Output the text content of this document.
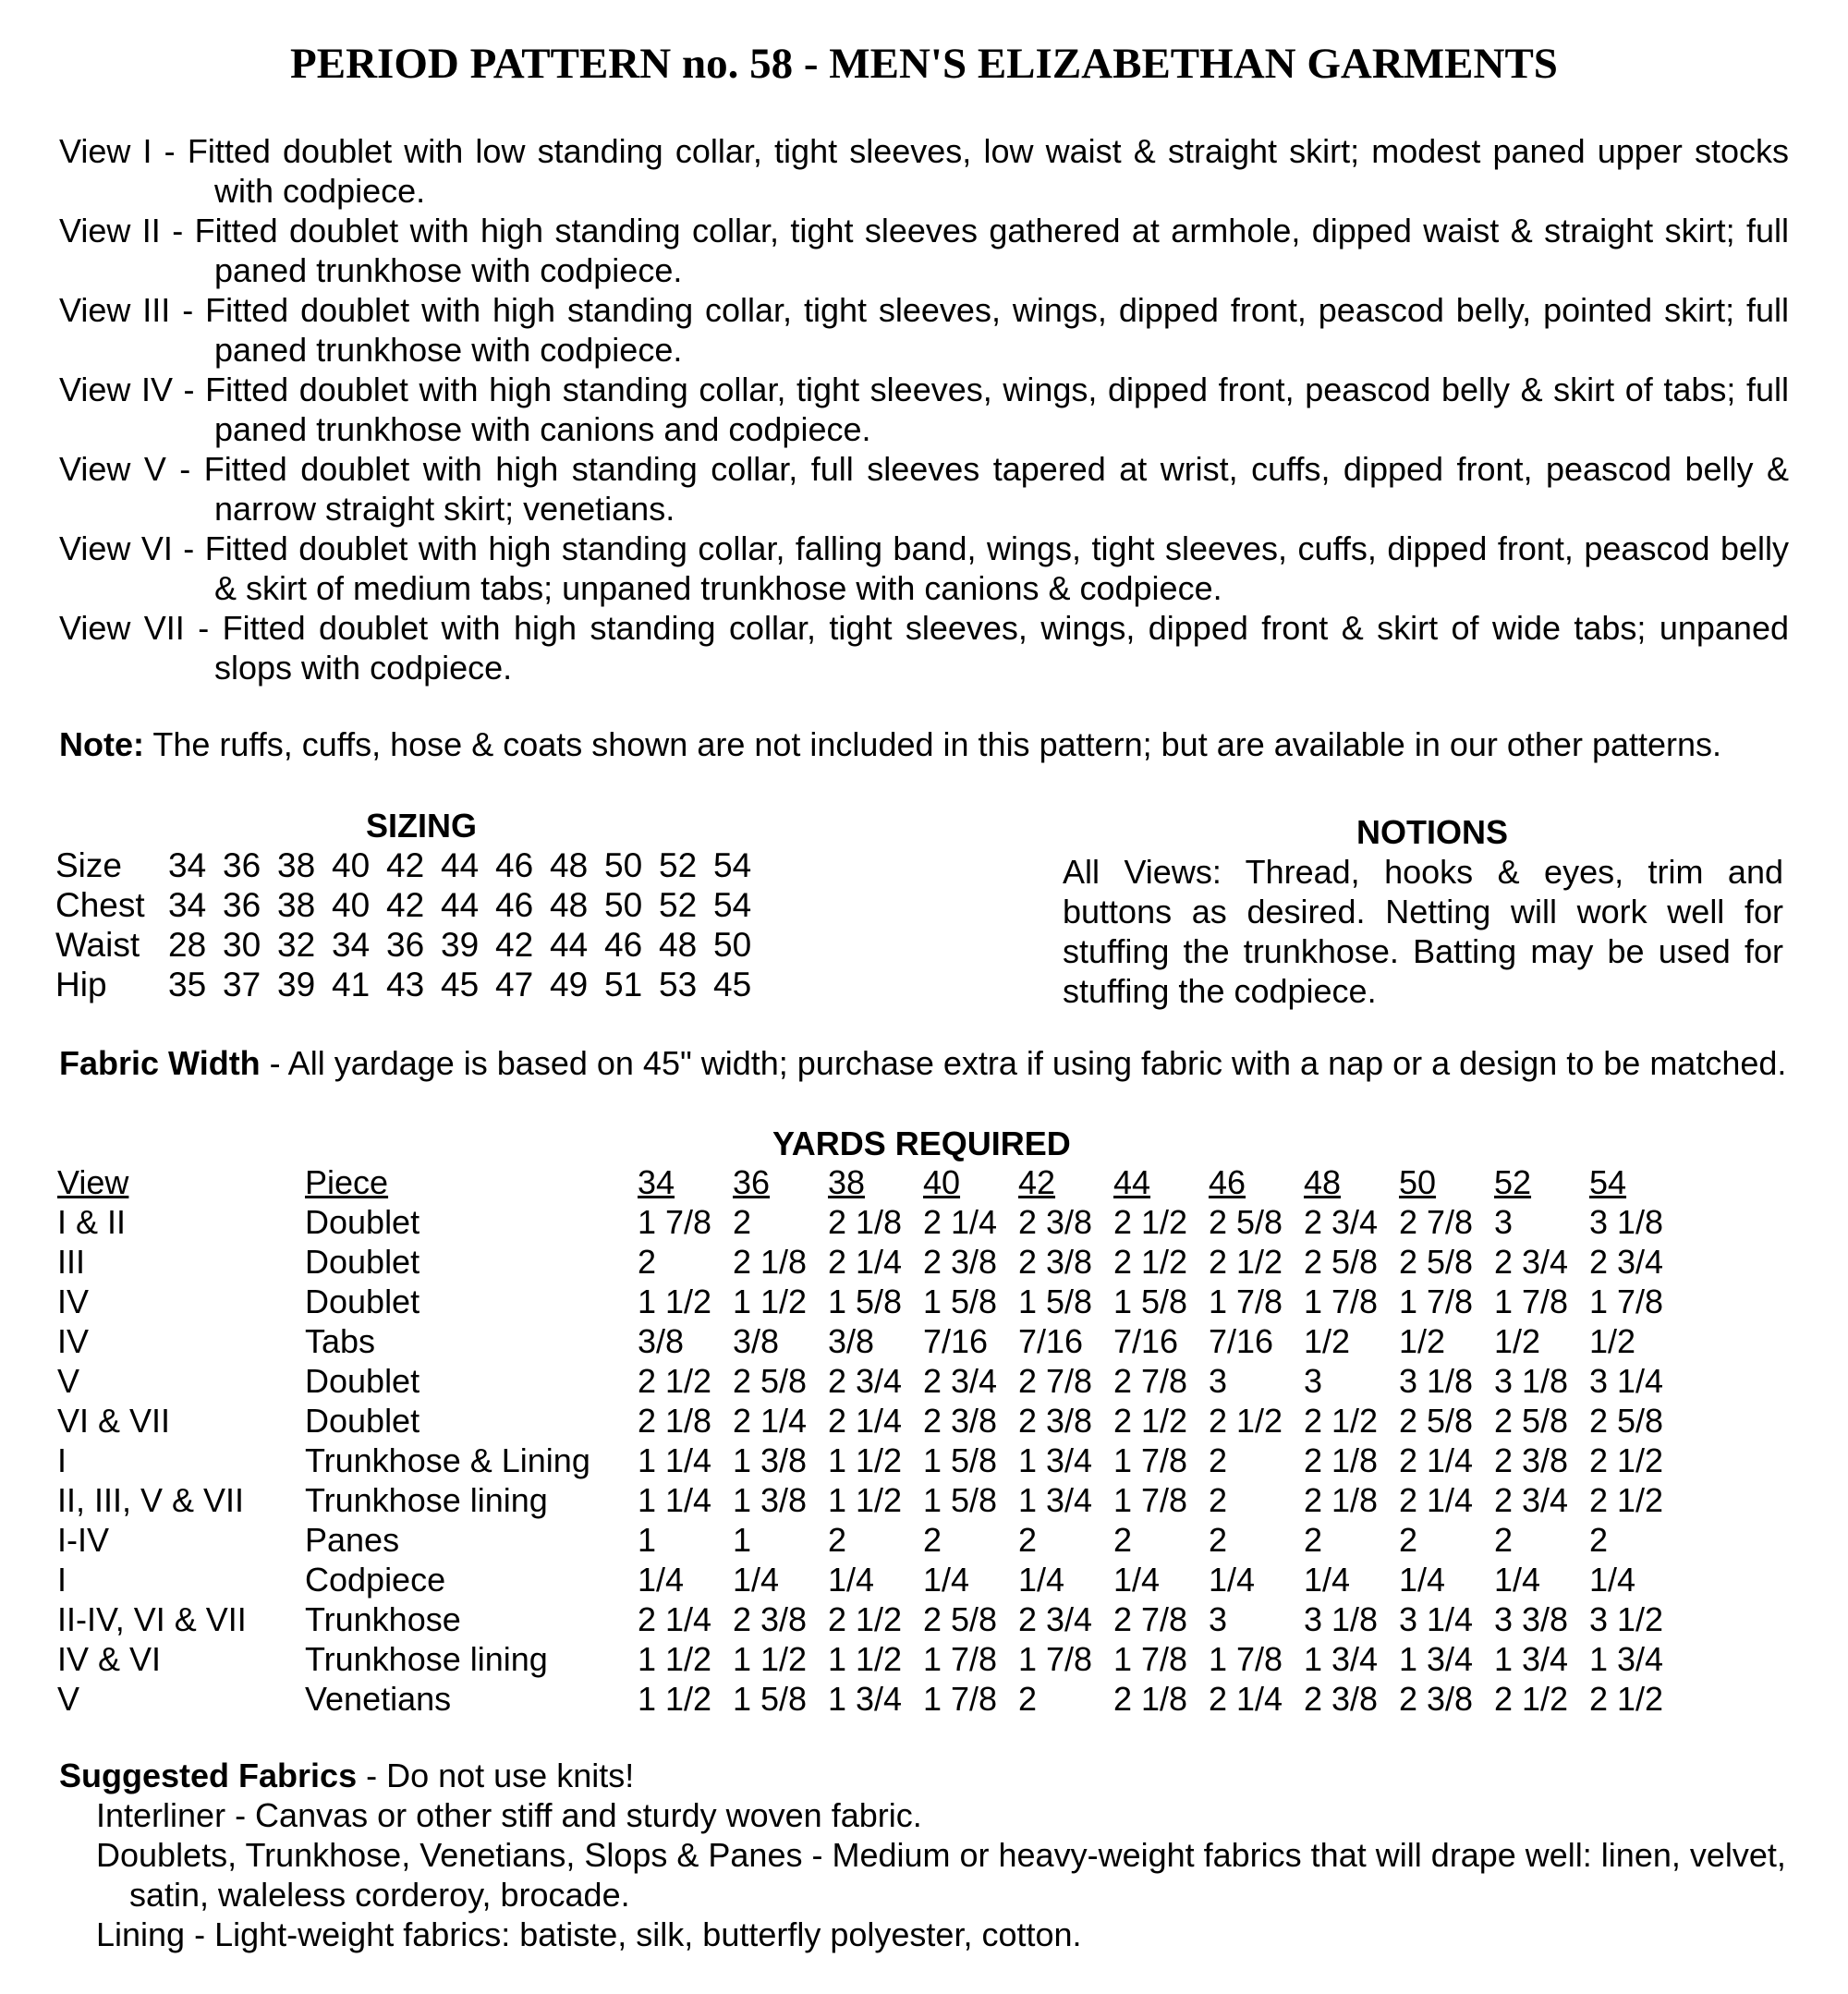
PERIOD PATTERN no. 58 - MEN'S ELIZABETHAN GARMENTS
View I - Fitted doublet with low standing collar, tight sleeves, low waist & straight skirt; modest paned upper stocks with codpiece.
View II - Fitted doublet with high standing collar, tight sleeves gathered at armhole, dipped waist & straight skirt; full paned trunkhose with codpiece.
View III - Fitted doublet with high standing collar, tight sleeves, wings, dipped front, peascod belly, pointed skirt; full paned trunkhose with codpiece.
View IV - Fitted doublet with high standing collar, tight sleeves, wings, dipped front, peascod belly & skirt of tabs; full paned trunkhose with canions and codpiece.
View V - Fitted doublet with high standing collar, full sleeves tapered at wrist, cuffs, dipped front, peascod belly & narrow straight skirt; venetians.
View VI - Fitted doublet with high standing collar, falling band, wings, tight sleeves, cuffs, dipped front, peascod belly & skirt of medium tabs; unpaned trunkhose with canions & codpiece.
View VII - Fitted doublet with high standing collar, tight sleeves, wings, dipped front & skirt of wide tabs; unpaned slops with codpiece.
Note: The ruffs, cuffs, hose & coats shown are not included in this pattern; but are available in our other patterns.
SIZING
Size	34	36	38	40	42	44	46	48	50	52	54
Chest	34	36	38	40	42	44	46	48	50	52	54
Waist	28	30	32	34	36	39	42	44	46	48	50
Hip	35	37	39	41	43	45	47	49	51	53	45
NOTIONS
All Views: Thread, hooks & eyes, trim and buttons as desired. Netting will work well for stuffing the trunkhose. Batting may be used for stuffing the codpiece.
Fabric Width - All yardage is based on 45" width; purchase extra if using fabric with a nap or a design to be matched.
YARDS REQUIRED
View	Piece	34	36	38	40	42	44	46	48	50	52	54
I & II	Doublet	1 7/8	2	2 1/8	2 1/4	2 3/8	2 1/2	2 5/8	2 3/4	2 7/8	3	3 1/8
III	Doublet	2	2 1/8	2 1/4	2 3/8	2 3/8	2 1/2	2 1/2	2 5/8	2 5/8	2 3/4	2 3/4
IV	Doublet	1 1/2	1 1/2	1 5/8	1 5/8	1 5/8	1 5/8	1 7/8	1 7/8	1 7/8	1 7/8	1 7/8
IV	Tabs	3/8	3/8	3/8	7/16	7/16	7/16	7/16	1/2	1/2	1/2	1/2
V	Doublet	2 1/2	2 5/8	2 3/4	2 3/4	2 7/8	2 7/8	3	3	3 1/8	3 1/8	3 1/4
VI & VII	Doublet	2 1/8	2 1/4	2 1/4	2 3/8	2 3/8	2 1/2	2 1/2	2 1/2	2 5/8	2 5/8	2 5/8
I	Trunkhose & Lining	1 1/4	1 3/8	1 1/2	1 5/8	1 3/4	1 7/8	2	2 1/8	2 1/4	2 3/8	2 1/2
II, III, V & VII	Trunkhose lining	1 1/4	1 3/8	1 1/2	1 5/8	1 3/4	1 7/8	2	2 1/8	2 1/4	2 3/4	2 1/2
I-IV	Panes	1	1	2	2	2	2	2	2	2	2	2
I	Codpiece	1/4	1/4	1/4	1/4	1/4	1/4	1/4	1/4	1/4	1/4	1/4
II-IV, VI & VII	Trunkhose	2 1/4	2 3/8	2 1/2	2 5/8	2 3/4	2 7/8	3	3 1/8	3 1/4	3 3/8	3 1/2
IV & VI	Trunkhose lining	1 1/2	1 1/2	1 1/2	1 7/8	1 7/8	1 7/8	1 7/8	1 3/4	1 3/4	1 3/4	1 3/4
V	Venetians	1 1/2	1 5/8	1 3/4	1 7/8	2	2 1/8	2 1/4	2 3/8	2 3/8	2 1/2	2 1/2
Suggested Fabrics - Do not use knits!
Interliner - Canvas or other stiff and sturdy woven fabric.
Doublets, Trunkhose, Venetians, Slops & Panes - Medium or heavy-weight fabrics that will drape well: linen, velvet, satin, waleless corderoy, brocade.
Lining - Light-weight fabrics: batiste, silk, butterfly polyester, cotton.
